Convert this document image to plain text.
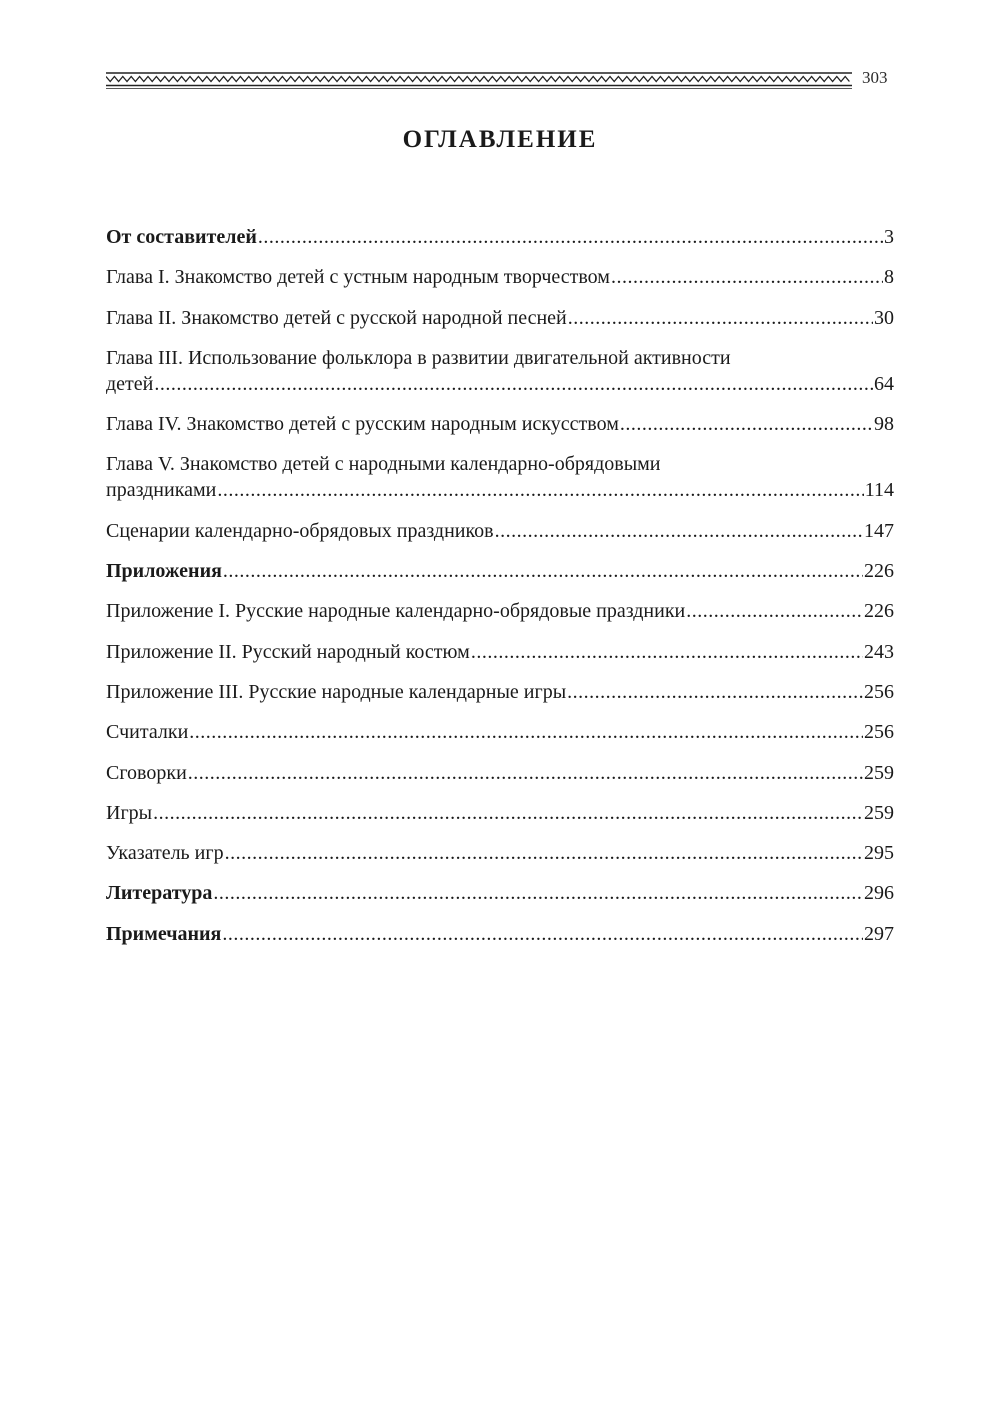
303
ОГЛАВЛЕНИЕ
От составителей .....	3
Глава I. Знакомство детей с устным народным творчеством .....	8
Глава II. Знакомство детей с русской народной песней .....	30
Глава III. Использование фольклора в развитии двигательной активности
детей .....	64
Глава IV. Знакомство детей с русским народным искусством .....	98
Глава V. Знакомство детей с народными календарно-обрядовыми
праздниками .....	114
Сценарии календарно-обрядовых праздников .....	147
Приложения .....	226
Приложение I. Русские народные календарно-обрядовые праздники .....	226
Приложение II. Русский народный костюм .....	243
Приложение III. Русские народные календарные игры .....	256
Считалки .....	256
Сговорки .....	259
Игры .....	259
Указатель игр .....	295
Литература .....	296
Примечания .....	297
